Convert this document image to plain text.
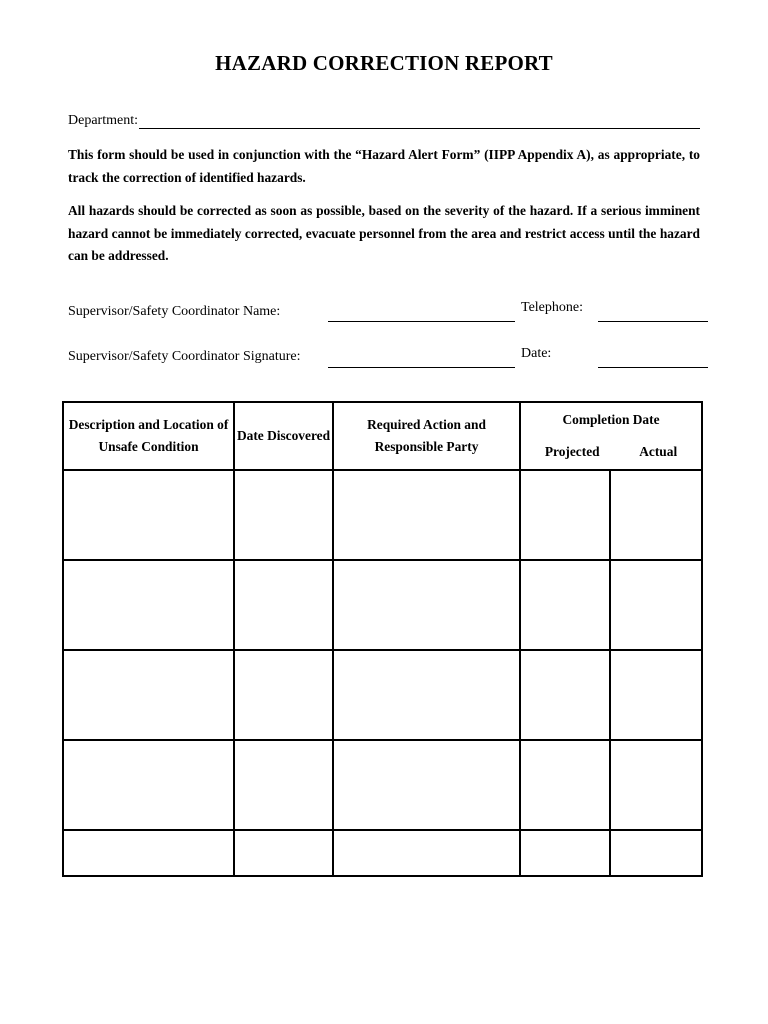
HAZARD CORRECTION REPORT
Department:

This form should be used in conjunction with the “Hazard Alert Form” (IIPP Appendix A), as appropriate, to track the correction of identified hazards.

All hazards should be corrected as soon as possible, based on the severity of the hazard. If a serious imminent hazard cannot be immediately corrected, evacuate personnel from the area and restrict access until the hazard can be addressed.

Supervisor/Safety Coordinator Name:	Telephone:
Supervisor/Safety Coordinator Signature:	Date:
Description and Location of Unsafe Condition	Date Discovered	Required Action and Responsible Party	Completion Date
Projected Actual	
